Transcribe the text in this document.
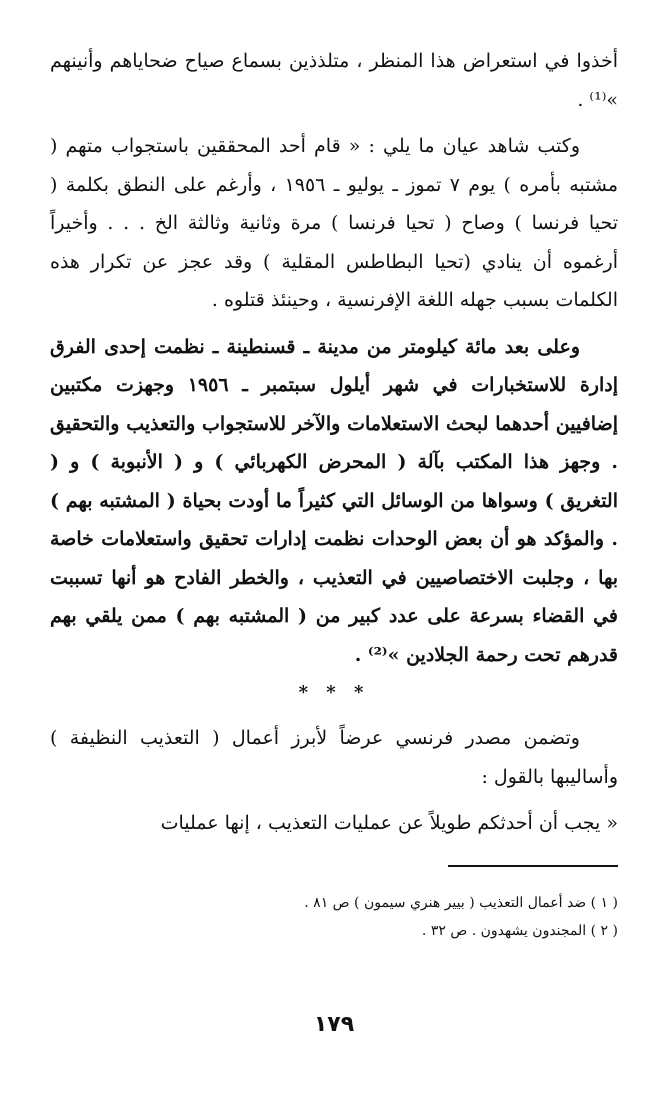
أخذوا في استعراض هذا المنظر ، متلذذين بسماع صياح ضحاياهم وأنينهم »⁽¹⁾ .

وكتب شاهد عيان ما يلي : « قام أحد المحققين باستجواب متهم ( مشتبه بأمره ) يوم ٧ تموز ـ يوليو ـ ١٩٥٦ ، وأرغم على النطق بكلمة ( تحيا فرنسا ) وصاح ( تحيا فرنسا ) مرة وثانية وثالثة الخ . . . وأخيراً أرغموه أن ينادي (تحيا البطاطس المقلية ) وقد عجز عن تكرار هذه الكلمات بسبب جهله اللغة الإفرنسية ، وحينئذ قتلوه .

وعلى بعد مائة كيلومتر من مدينة ـ قسنطينة ـ نظمت إحدى الفرق إدارة للاستخبارات في شهر أيلول سبتمبر ـ ١٩٥٦ وجهزت مكتبين إضافيين أحدهما لبحث الاستعلامات والآخر للاستجواب والتعذيب والتحقيق . وجهز هذا المكتب بآلة ( المحرض الكهربائي ) و ( الأنبوبة ) و ( التغريق ) وسواها من الوسائل التي كثيراً ما أودت بحياة ( المشتبه بهم ) . والمؤكد هو أن بعض الوحدات نظمت إدارات تحقيق واستعلامات خاصة بها ، وجلبت الاختصاصيين في التعذيب ، والخطر الفادح هو أنها تسببت في القضاء بسرعة على عدد كبير من ( المشتبه بهم ) ممن يلقي بهم قدرهم تحت رحمة الجلادين »⁽²⁾ .

* * *

وتضمن مصدر فرنسي عرضاً لأبرز أعمال ( التعذيب النظيفة ) وأساليبها بالقول :

« يجب أن أحدثكم طويلاً عن عمليات التعذيب ، إنها عمليات

( ١ ) ضد أعمال التعذيب ( بيير هنري سيمون ) ص ٨١ .

( ٢ ) المجندون يشهدون . ص ٣٢ .

١٧٩
